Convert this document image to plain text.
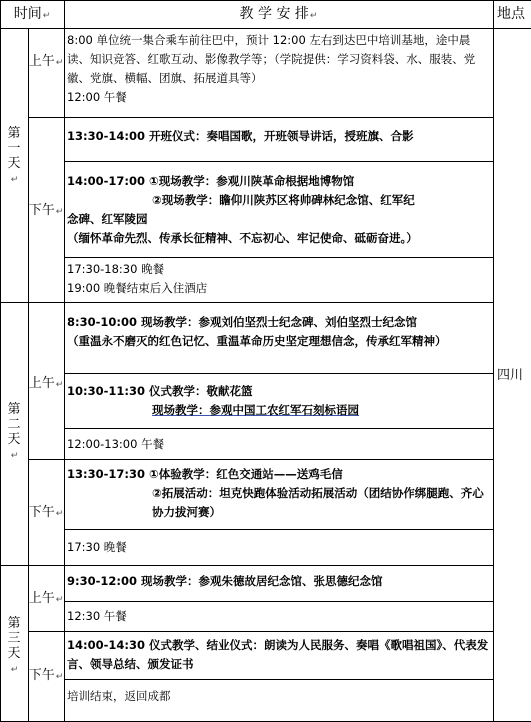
时间↵	教 学 安 排↵	地点
第一天
↵
第二天
↵
第三天
↵
上午↵
下午↵
上午↵
下午↵
上午↵
下午↵
四川
8:00 单位统一集合乘车前往巴中，预计 12:00 左右到达巴中培训基地，途中晨读、知识竞答、红歌互动、影像教学等；（学院提供：学习资料袋、水、服装、党徽、党旗、横幅、团旗、拓展道具等）
12:00 午餐
13:30-14:00 开班仪式：奏唱国歌，开班领导讲话，授班旗、合影
14:00-17:00 ①现场教学：参观川陕革命根据地博物馆
②现场教学：瞻仰川陕苏区将帅碑林纪念馆、红军纪
念碑、红军陵园
（缅怀革命先烈、传承长征精神、不忘初心、牢记使命、砥砺奋进。）
17:30-18:30 晚餐
19:00 晚餐结束后入住酒店
8:30-10:00 现场教学：参观刘伯坚烈士纪念碑、刘伯坚烈士纪念馆
（重温永不磨灭的红色记忆、重温革命历史坚定理想信念，传承红军精神）
10:30-11:30 仪式教学：敬献花篮
现场教学：参观中国工农红军石刻标语园
12:00-13:00 午餐
13:30-17:30 ①体验教学：红色交通站——送鸡毛信
②拓展活动：坦克快跑体验活动拓展活动（团结协作绑腿跑、齐心协力拔河赛）
17:30 晚餐
9:30-12:00 现场教学：参观朱德故居纪念馆、张思德纪念馆
12:30 午餐
14:00-14:30 仪式教学、结业仪式：朗读为人民服务、奏唱《歌唱祖国》、代表发言、领导总结、颁发证书
培训结束，返回成都
